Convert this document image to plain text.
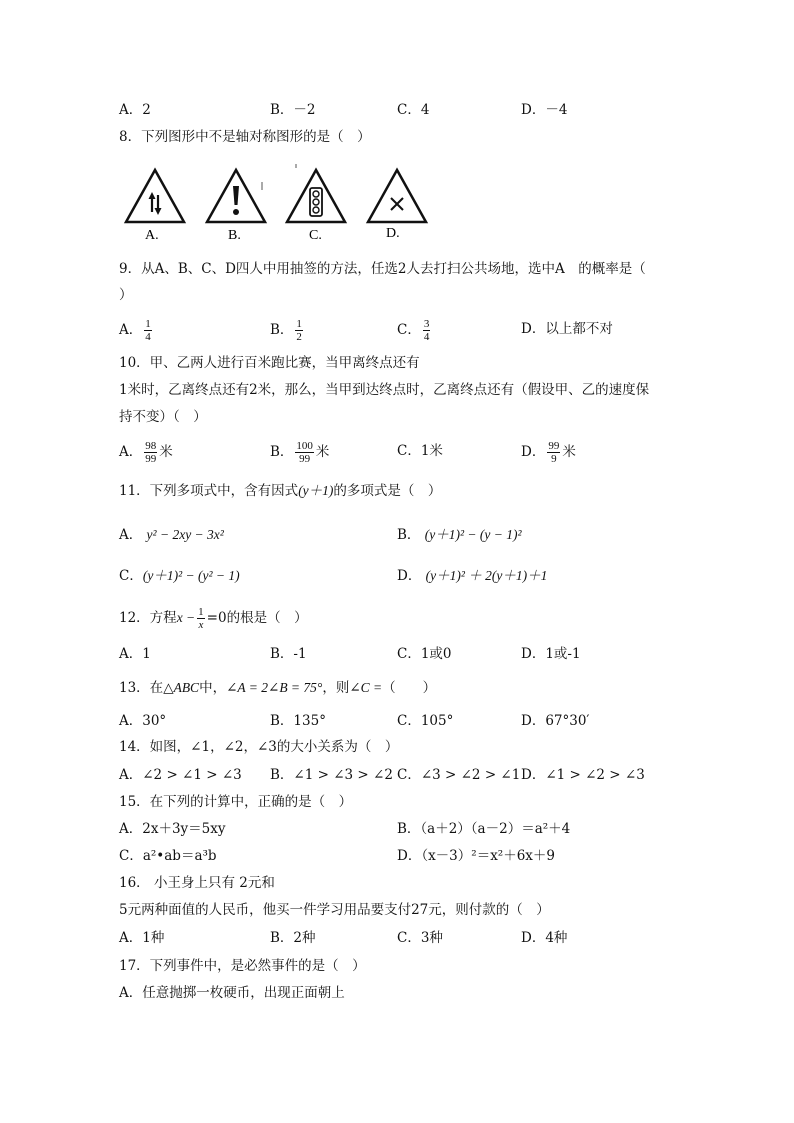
A．2	B．－2	C．4	D．－4
8．下列图形中不是轴对称图形的是（　）
A.	B.	C.	D.
9．从A、B、C、D四人中用抽签的方法，任选2人去打扫公共场地，选中A　的概率是（
）
A． $\frac{1}{4}$	B． $\frac{1}{2}$	C． $\frac{3}{4}$	D．以上都不对
10．甲、乙两人进行百米跑比赛，当甲离终点还有
1米时，乙离终点还有2米，那么，当甲到达终点时，乙离终点还有（假设甲、乙的速度保
持不变）（　）
A． $\frac{98}{99}$ 米	B． $\frac{100}{99}$ 米	C．1米	D． $\frac{99}{9}$ 米
11．下列多项式中，含有因式(y＋1)的多项式是（　）
A． y² − 2xy − 3x²	B． (y＋1)² − (y − 1)²
C．(y＋1)² − (y² − 1)	D． (y＋1)² ＋ 2(y＋1)＋1
12．方程$x - \frac{1}{x} =0$的根是（　）
A．1	B．-1	C．1或0	D．1或-1
13．在△ABC中，∠A = 2∠B = 75°，则∠C =（　　）
A．30°	B．135°	C．105°	D．67°30′
14．如图，∠1，∠2，∠3的大小关系为（　）
A．∠2 > ∠1 > ∠3 B．∠1 > ∠3 > ∠2 C．∠3 > ∠2 > ∠1 D．∠1 > ∠2 > ∠3
15．在下列的计算中，正确的是（　）
A．2x＋3y＝5xy	B．（a＋2）（a－2）＝a²＋4
C．a²•ab＝a³b	D．（x－3）²＝x²＋6x＋9
16． 小王身上只有 2元和
5元两种面值的人民币，他买一件学习用品要支付27元，则付款的（　）
A．1种	B．2种	C．3种	D．4种
17．下列事件中，是必然事件的是（　）
A．任意抛掷一枚硬币，出现正面朝上
